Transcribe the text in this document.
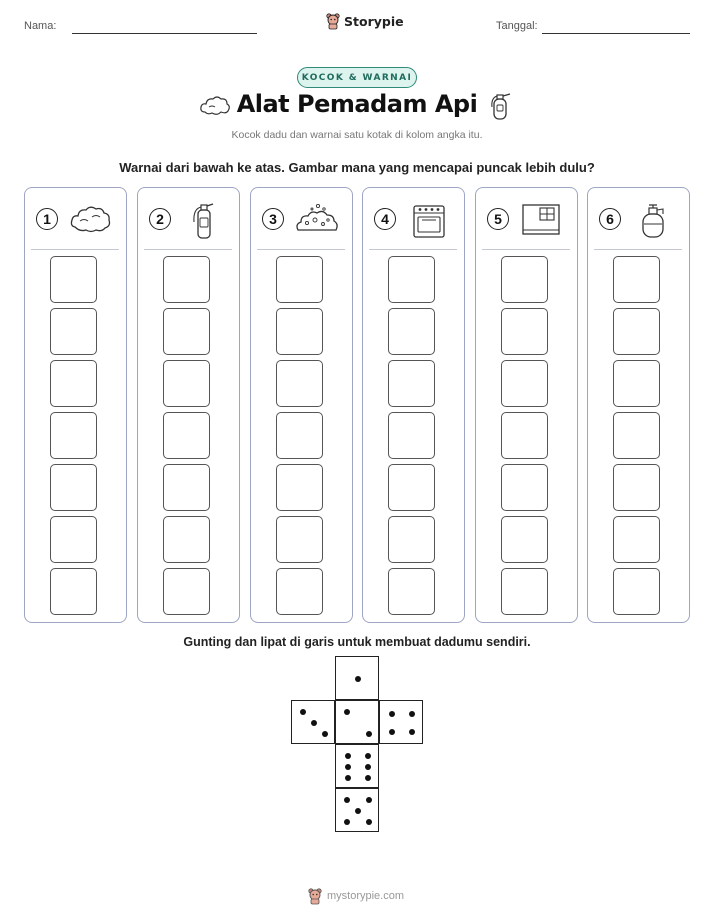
Nama:	Storypie	Tanggal:
KOCOK & WARNAI
Alat Pemadam Api
Kocok dadu dan warnai satu kotak di kolom angka itu.
Warnai dari bawah ke atas. Gambar mana yang mencapai puncak lebih dulu?
1	2	3	4	5	6
Gunting dan lipat di garis untuk membuat dadumu sendiri.
mystorypie.com
